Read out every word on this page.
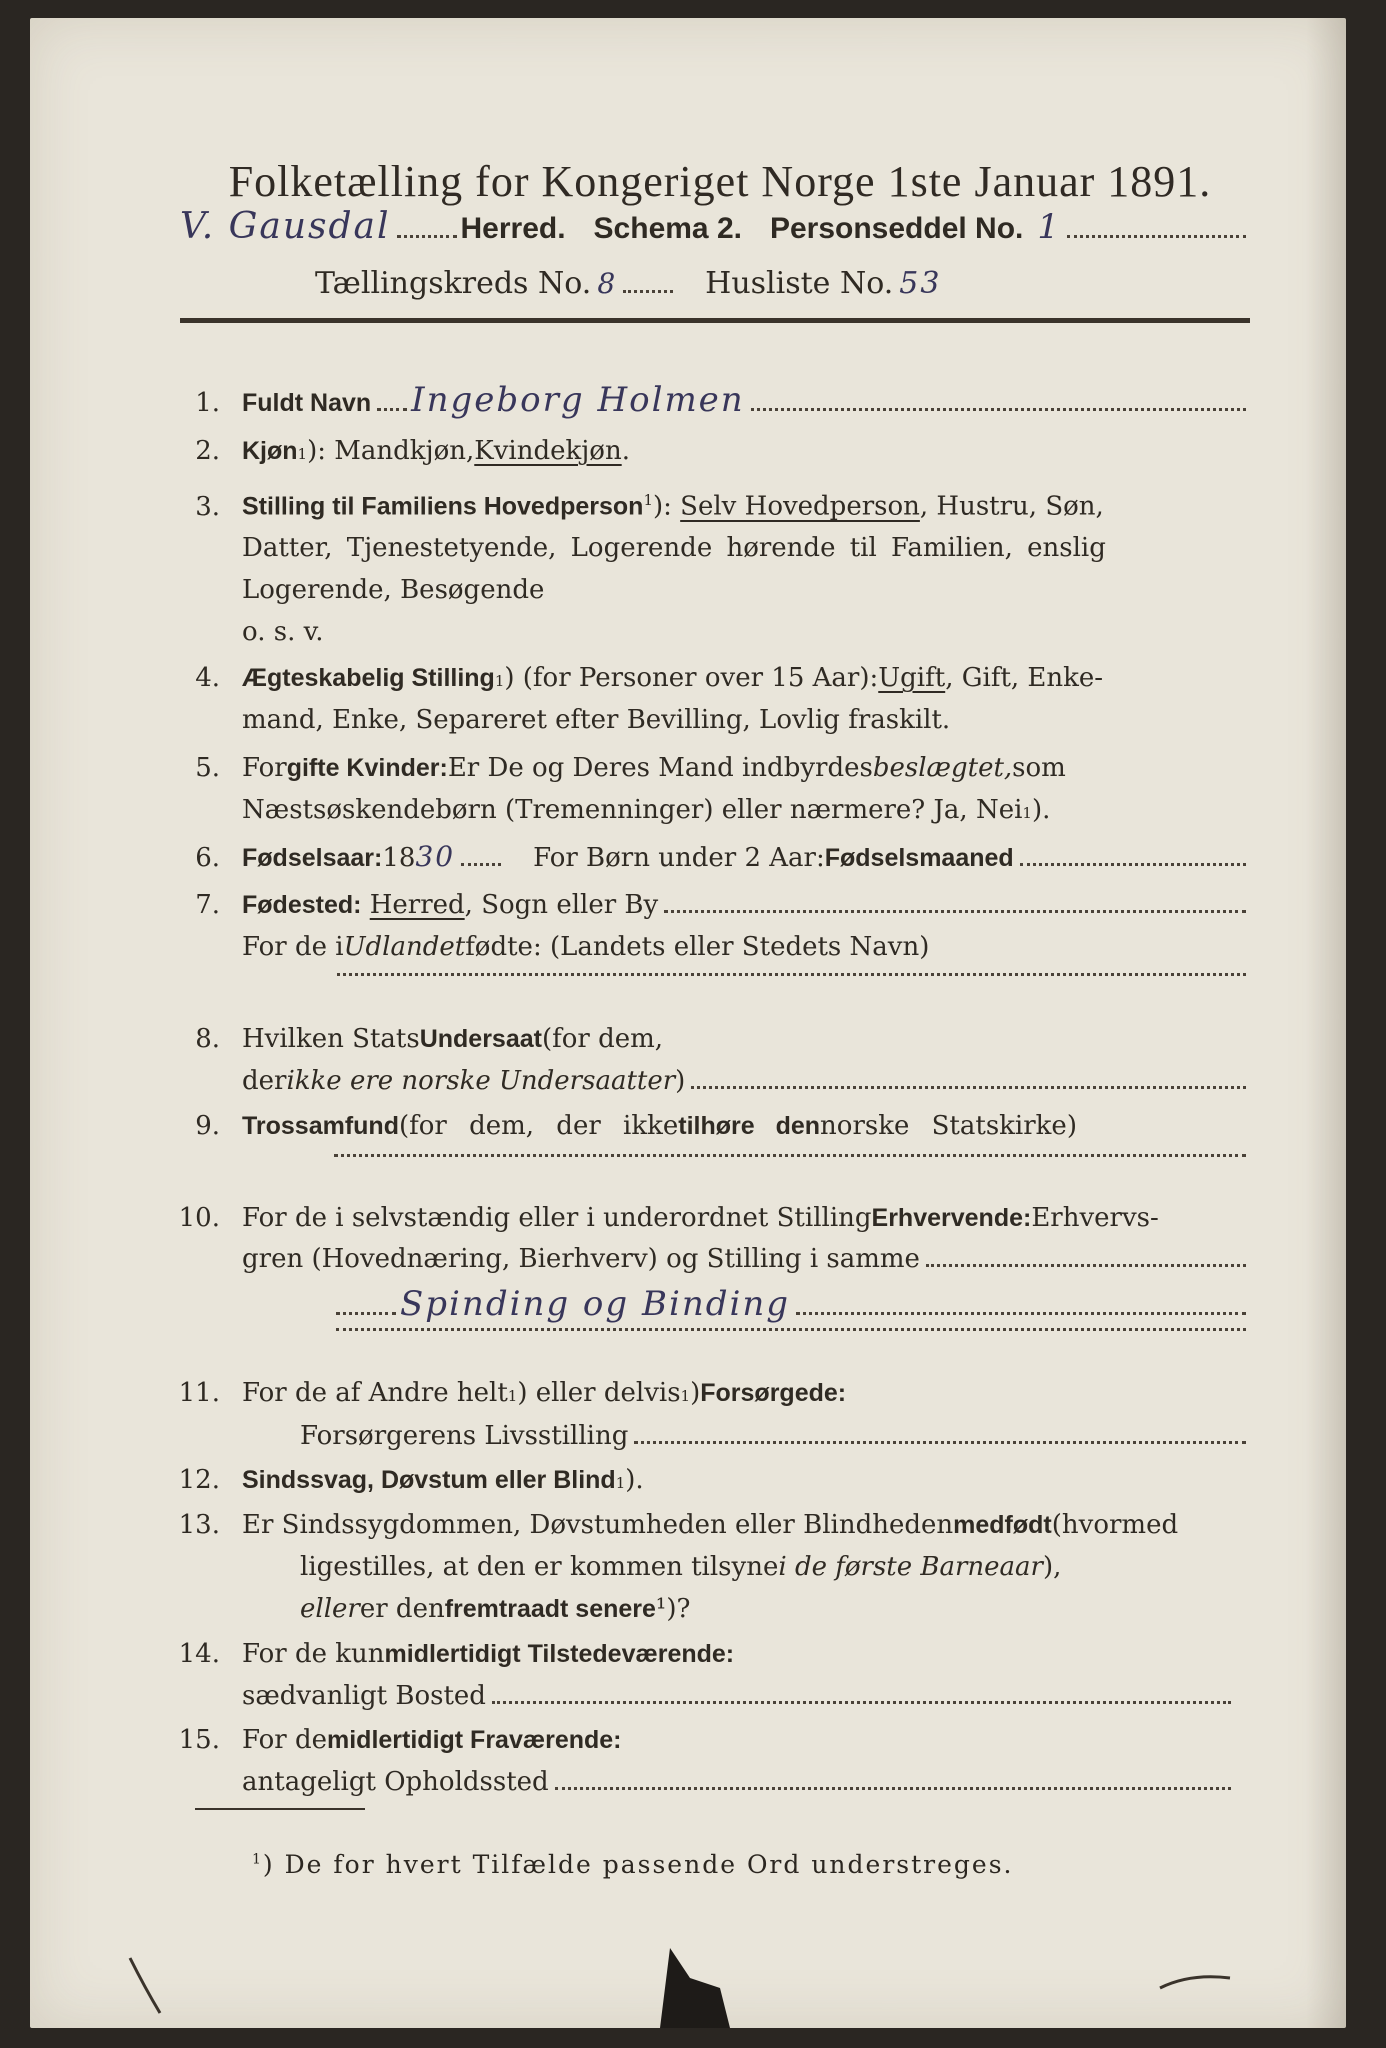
Folketælling for Kongeriget Norge 1ste Januar 1891.
V. Gausdal Herred. Schema 2. Personseddel No. 1
Tællingskreds No. 8	Husliste No. 53
1. Fuldt Navn Ingeborg Holmen
2. Kjøn 1 ): Mandkjøn, Kvindekjøn .
3. Stilling til Familiens Hovedperson$^1$): Selv Hovedperson, Hustru, Søn,
Datter, Tjenestetyende, Logerende hørende til Familien, enslig
Logerende, Besøgende
o. s. v.
4. Ægteskabelig Stilling 1 ) (for Personer over 15 Aar): Ugift , Gift, Enke-
mand, Enke, Separeret efter Bevilling, Lovlig fraskilt.
5. For gifte Kvinder: Er De og Deres Mand indbyrdes beslægtet, som
Næstsøskendebørn (Tremenninger) eller nærmere? Ja, Nei 1 ).
6. Fødselsaar: 18 30	For Børn under 2 Aar: Fødselsmaaned
7. Fødested:
Herred , Sogn eller By
For de i Udlandet fødte: (Landets eller Stedets Navn)
8. Hvilken Stats Undersaat (for dem,
der ikke ere norske Undersaatter )
9. Trossamfund (for dem, der ikke tilhøre den norske Statskirke)
10. For de i selvstændig eller i underordnet Stilling Erhvervende: Erhvervs-
gren (Hovednæring, Bierhverv) og Stilling i samme
Spinding og Binding
11. For de af Andre helt 1 ) eller delvis 1 ) Forsørgede:
Forsørgerens Livsstilling
12. Sindssvag, Døvstum eller Blind 1 ).
13. Er Sindssygdommen, Døvstumheden eller Blindheden medfødt (hvormed
ligestilles, at den er kommen tilsyne i de første Barneaar ),
eller er den fremtraadt senere ¹)?
14. For de kun midlertidigt Tilstedeværende:
sædvanligt Bosted
15. For de midlertidigt Fraværende:
antageligt Opholdssted
$^1$) De for hvert Tilfælde passende Ord understreges.
